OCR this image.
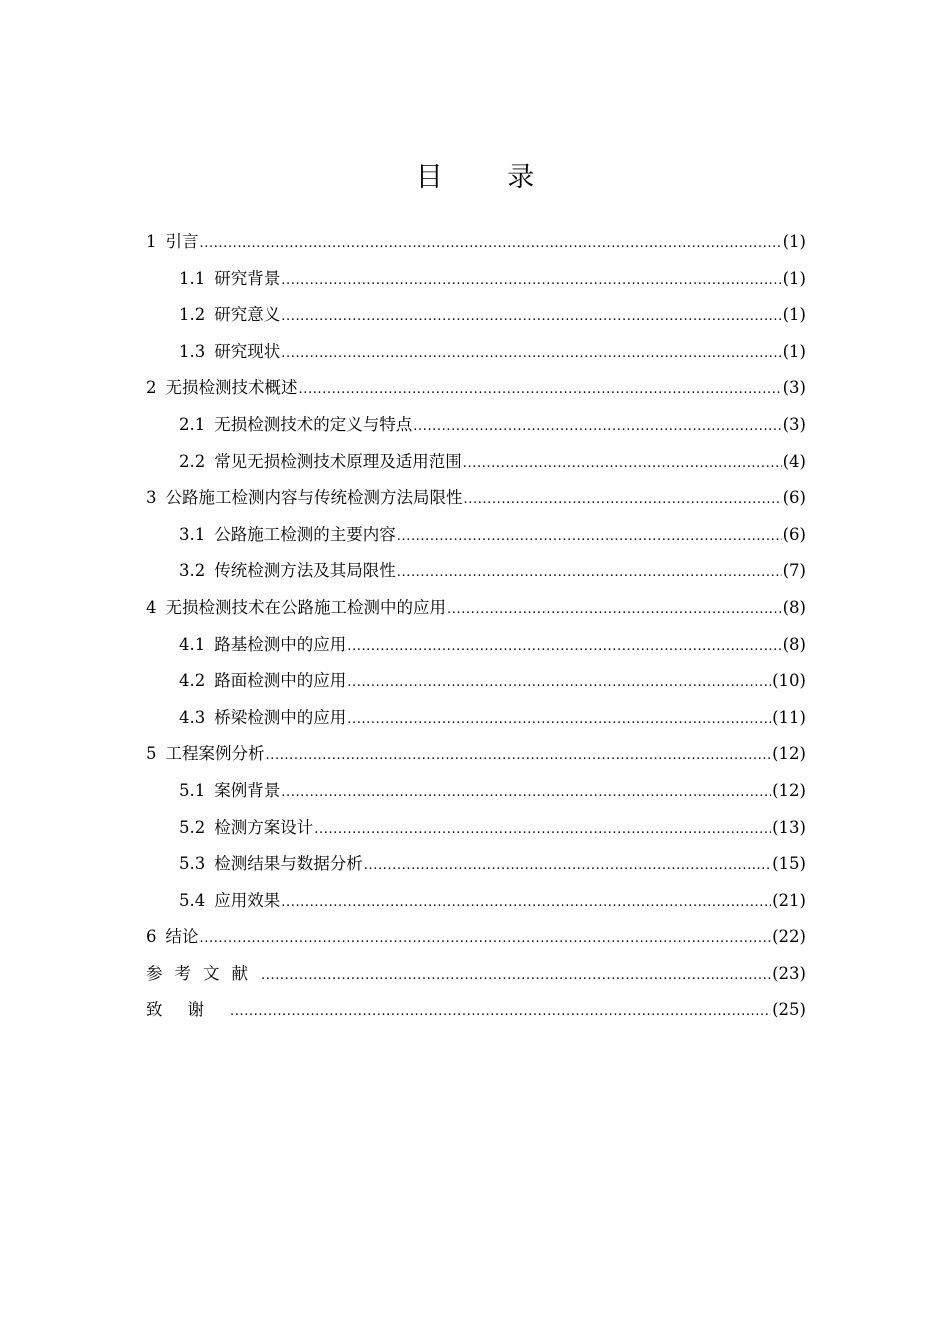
目 录
1 引言 .....	(1)
1.1 研究背景 .....	(1)
1.2 研究意义 .....	(1)
1.3 研究现状 .....	(1)
2 无损检测技术概述 .....	(3)
2.1 无损检测技术的定义与特点 .....	(3)
2.2 常见无损检测技术原理及适用范围 .....	(4)
3 公路施工检测内容与传统检测方法局限性 .....	(6)
3.1 公路施工检测的主要内容 .....	(6)
3.2 传统检测方法及其局限性 .....	(7)
4 无损检测技术在公路施工检测中的应用 .....	(8)
4.1 路基检测中的应用 .....	(8)
4.2 路面检测中的应用 .....	(10)
4.3 桥梁检测中的应用 .....	(11)
5 工程案例分析 .....	(12)
5.1 案例背景 .....	(12)
5.2 检测方案设计 .....	(13)
5.3 检测结果与数据分析 .....	(15)
5.4 应用效果 .....	(21)
6 结论 .....	(22)
参考文献 .....	(23)
致谢 .....	(25)
